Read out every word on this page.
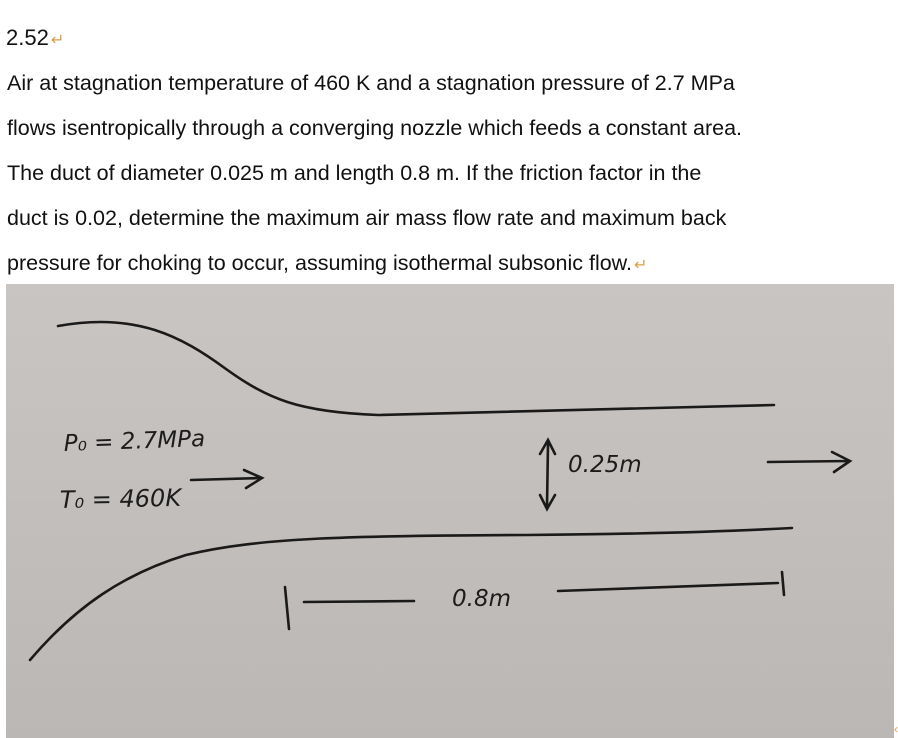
2.52 ↵
Air at stagnation temperature of 460 K and a stagnation pressure of 2.7 MPa
flows isentropically through a converging nozzle which feeds a constant area.
The duct of diameter 0.025 m and length 0.8 m. If the friction factor in the
duct is 0.02, determine the maximum air mass flow rate and maximum back
pressure for choking to occur, assuming isothermal subsonic flow. ↵
P₀ = 2.7MPa
T₀ = 460K
0.25m
0.8m
‹
